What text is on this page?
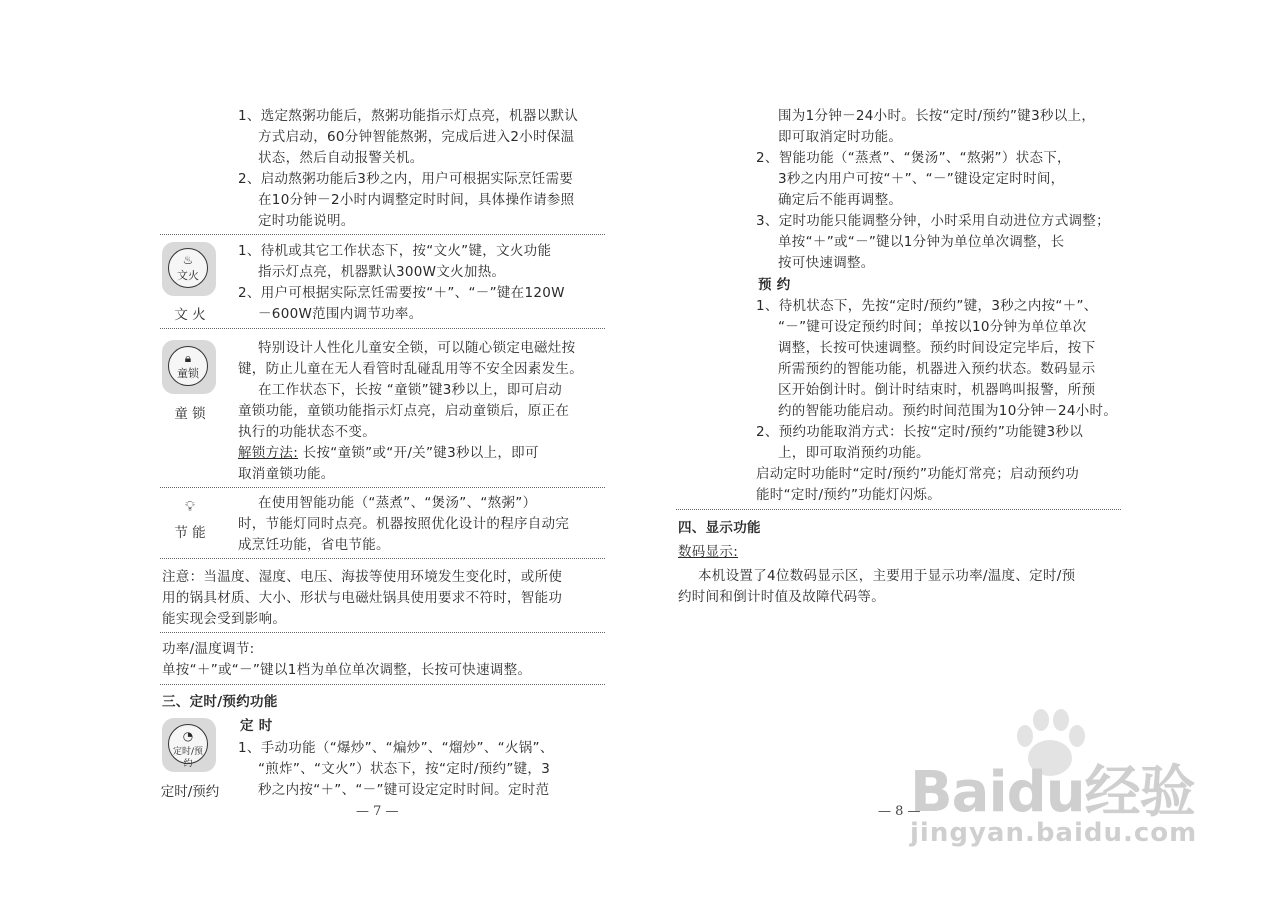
1、选定熬粥功能后，熬粥功能指示灯点亮，机器以默认
方式启动，60分钟智能熬粥，完成后进入2小时保温
状态，然后自动报警关机。
2、启动熬粥功能后3秒之内，用户可根据实际烹饪需要
在10分钟－2小时内调整定时时间，具体操作请参照
定时功能说明。
♨
文火
文 火
1、待机或其它工作状态下，按“文火”键，文火功能
指示灯点亮，机器默认300W文火加热。
2、用户可根据实际烹饪需要按“＋”、“－”键在120W
－600W范围内调节功率。
🔒︎
童锁
童 锁
特别设计人性化儿童安全锁，可以随心锁定电磁灶按
键，防止儿童在无人看管时乱碰乱用等不安全因素发生。
在工作状态下，长按 “童锁”键3秒以上，即可启动
童锁功能，童锁功能指示灯点亮，启动童锁后，原正在
执行的功能状态不变。
解锁方法: 长按“童锁”或“开/关”键3秒以上，即可
取消童锁功能。
💡︎
节 能
在使用智能功能（“蒸煮”、“煲汤”、“熬粥”）
时，节能灯同时点亮。机器按照优化设计的程序自动完
成烹饪功能，省电节能。
注意：当温度、湿度、电压、海拔等使用环境发生变化时，或所使
用的锅具材质、大小、形状与电磁灶锅具使用要求不符时，智能功
能实现会受到影响。
功率/温度调节:
单按“＋”或“－”键以1档为单位单次调整，长按可快速调整。
三、定时/预约功能
◔
定时/预约
定时/预约
定 时
1、手动功能（“爆炒”、“煸炒”、“熘炒”、“火锅”、
“煎炸”、“文火”）状态下，按“定时/预约”键，3
秒之内按“＋”、“－”键可设定定时时间。定时范
— 7 —
围为1分钟－24小时。长按“定时/预约”键3秒以上，
即可取消定时功能。
2、智能功能（“蒸煮”、“煲汤”、“熬粥”）状态下，
3秒之内用户可按“＋”、“－”键设定定时时间，
确定后不能再调整。
3、定时功能只能调整分钟，小时采用自动进位方式调整；
单按“＋”或“－”键以1分钟为单位单次调整，长
按可快速调整。
预 约
1、待机状态下，先按“定时/预约”键，3秒之内按“＋”、
“－”键可设定预约时间；单按以10分钟为单位单次
调整，长按可快速调整。预约时间设定完毕后，按下
所需预约的智能功能，机器进入预约状态。数码显示
区开始倒计时。倒计时结束时，机器鸣叫报警，所预
约的智能功能启动。预约时间范围为10分钟－24小时。
2、预约功能取消方式：长按“定时/预约”功能键3秒以
上，即可取消预约功能。
启动定时功能时“定时/预约”功能灯常亮；启动预约功
能时“定时/预约”功能灯闪烁。
四、显示功能
数码显示:
本机设置了4位数码显示区，主要用于显示功率/温度、定时/预
约时间和倒计时值及故障代码等。
— 8 —
Baidu经验
jingyan.baidu.com
